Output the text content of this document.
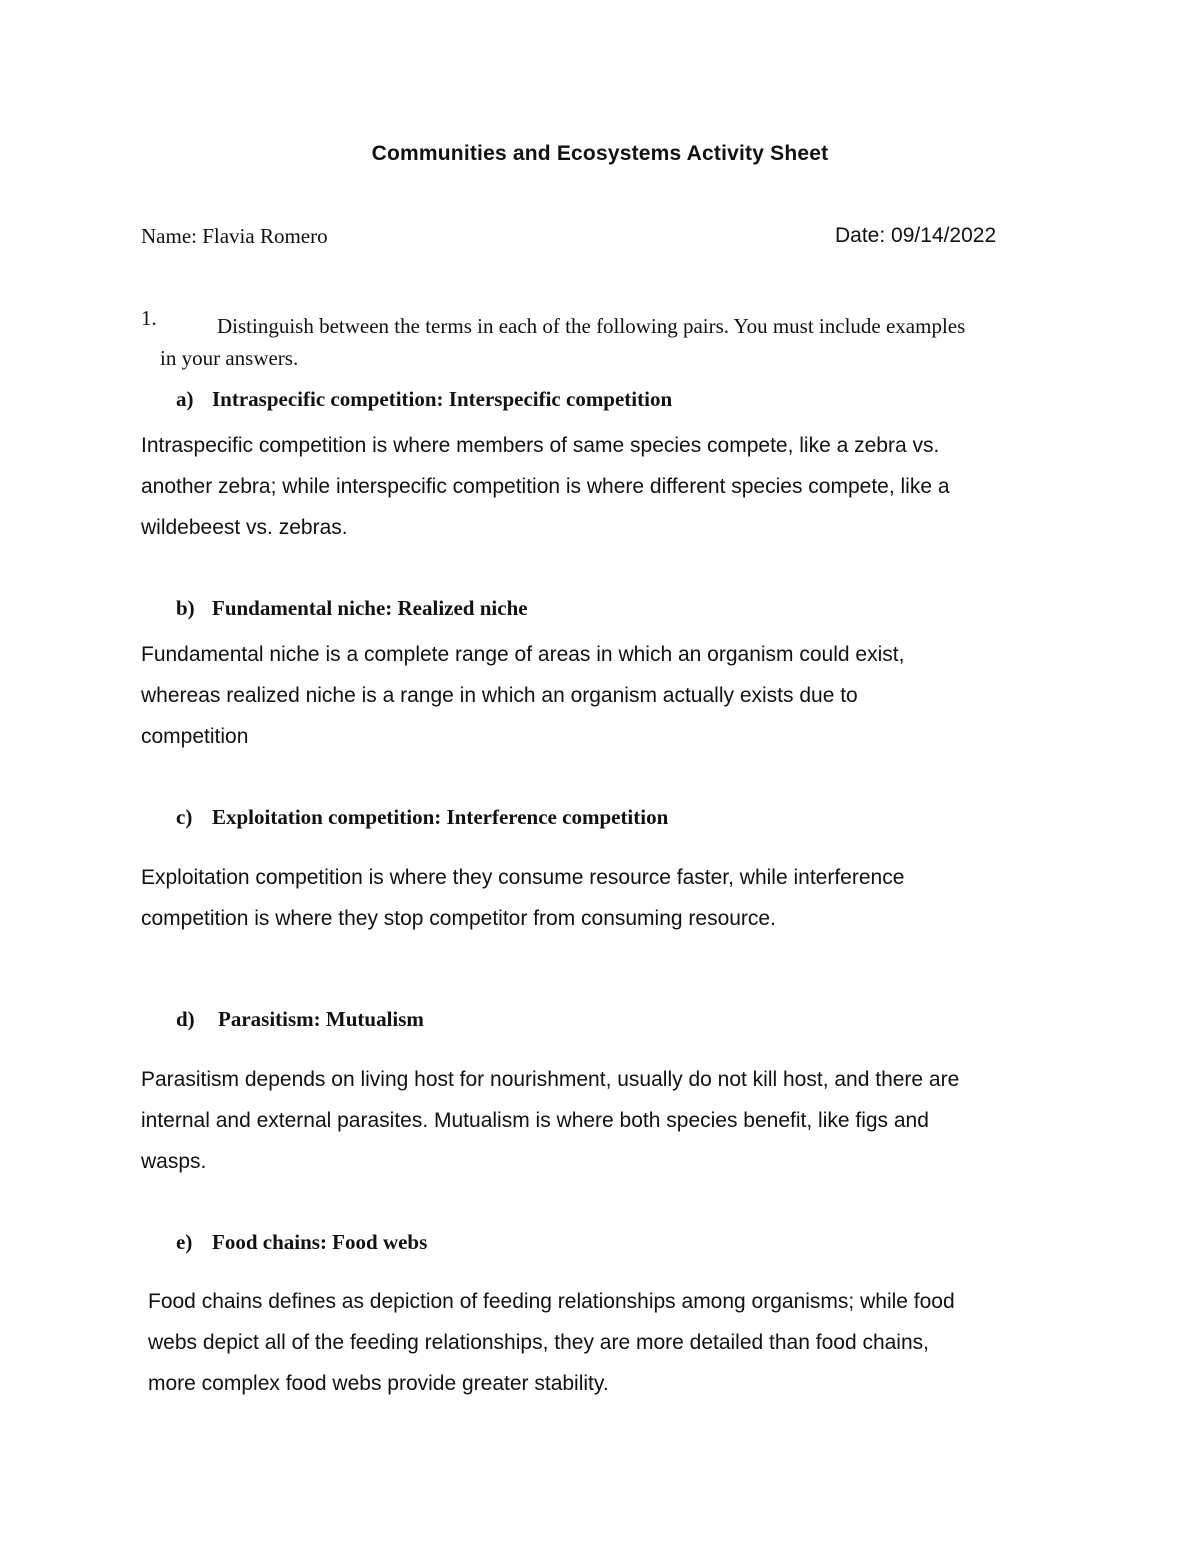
Communities and Ecosystems Activity Sheet
Name: Flavia Romero	Date: 09/14/2022
1.	Distinguish between the terms in each of the following pairs. You must include examples
in your answers.
a) Intraspecific competition: Interspecific competition
Intraspecific competition is where members of same species compete, like a zebra vs.
another zebra; while interspecific competition is where different species compete, like a
wildebeest vs. zebras.
b) Fundamental niche: Realized niche
Fundamental niche is a complete range of areas in which an organism could exist,
whereas realized niche is a range in which an organism actually exists due to
competition
c) Exploitation competition: Interference competition
Exploitation competition is where they consume resource faster, while interference
competition is where they stop competitor from consuming resource.
d) Parasitism: Mutualism
Parasitism depends on living host for nourishment, usually do not kill host, and there are
internal and external parasites. Mutualism is where both species benefit, like figs and
wasps.
e) Food chains: Food webs
Food chains defines as depiction of feeding relationships among organisms; while food
webs depict all of the feeding relationships, they are more detailed than food chains,
more complex food webs provide greater stability.
